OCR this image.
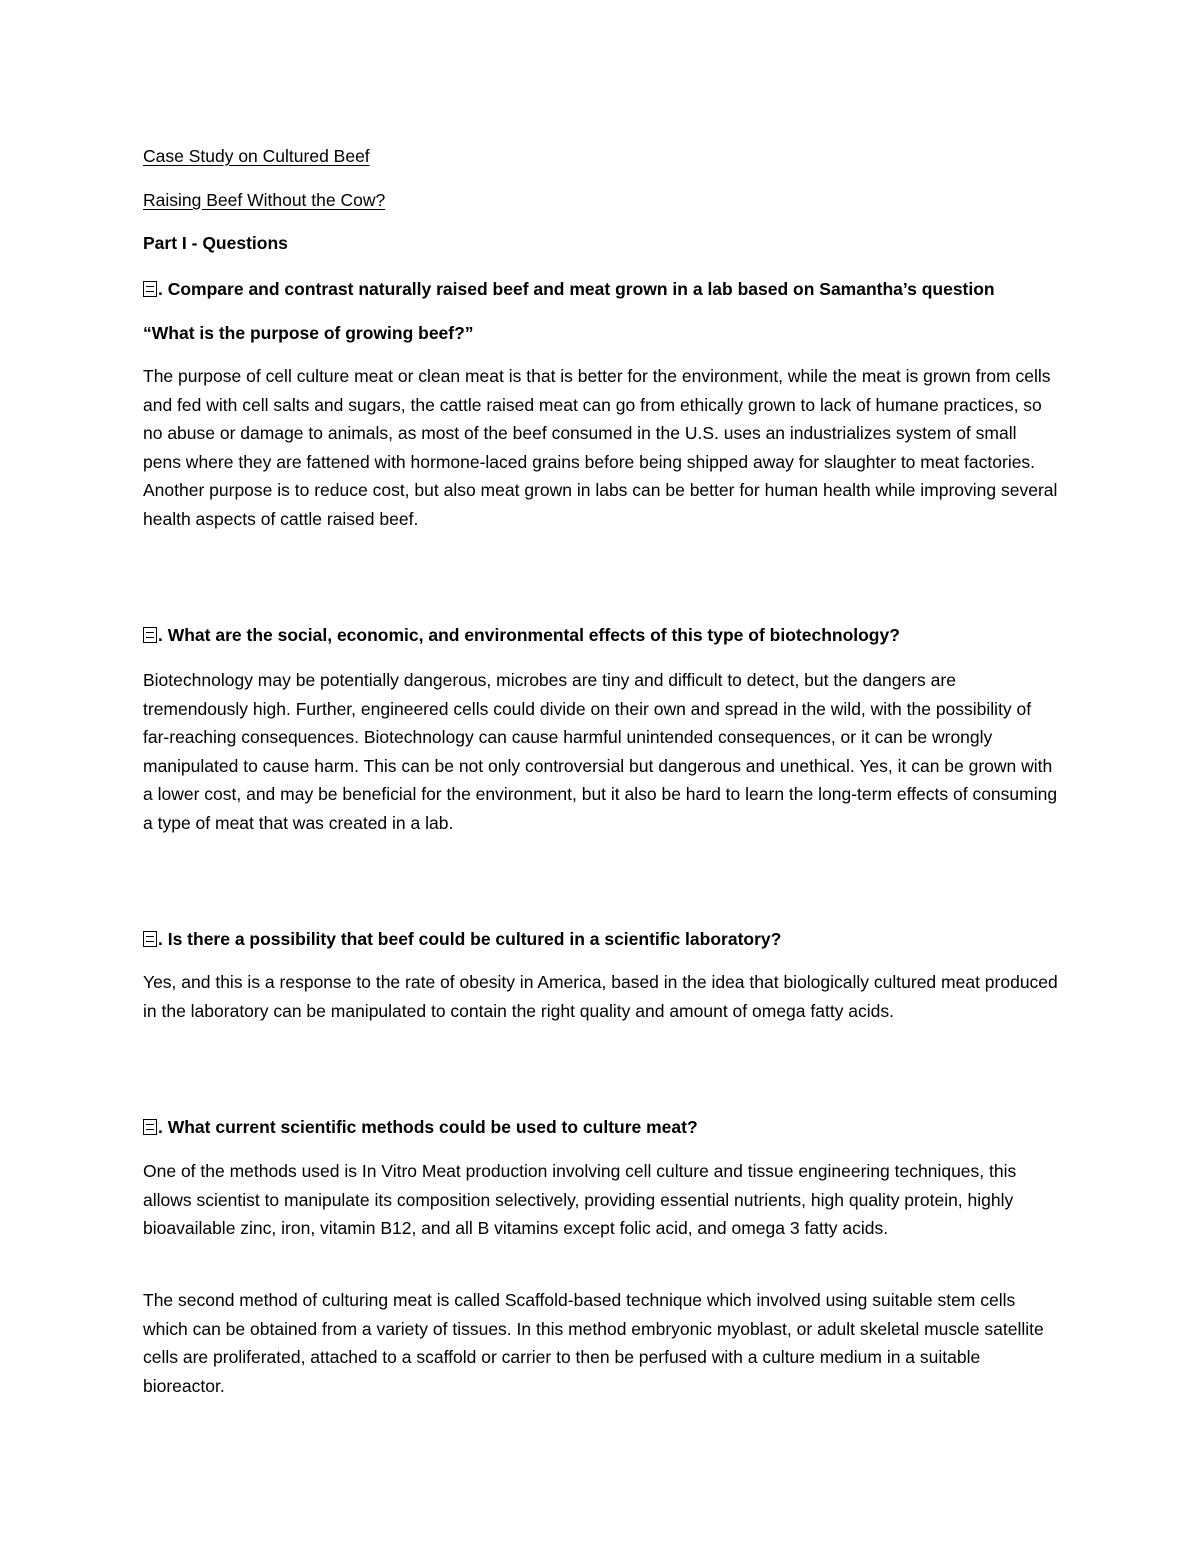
Case Study on Cultured Beef
Raising Beef Without the Cow?
Part I - Questions
. Compare and contrast naturally raised beef and meat grown in a lab based on Samantha’s question
“What is the purpose of growing beef?”

The purpose of cell culture meat or clean meat is that is better for the environment, while the meat is grown from cells and fed with cell salts and sugars, the cattle raised meat can go from ethically grown to lack of humane practices, so no abuse or damage to animals, as most of the beef consumed in the U.S. uses an industrializes system of small pens where they are fattened with hormone-laced grains before being shipped away for slaughter to meat factories. Another purpose is to reduce cost, but also meat grown in labs can be better for human health while improving several health aspects of cattle raised beef.

. What are the social, economic, and environmental effects of this type of biotechnology?

Biotechnology may be potentially dangerous, microbes are tiny and difficult to detect, but the dangers are tremendously high. Further, engineered cells could divide on their own and spread in the wild, with the possibility of far-reaching consequences. Biotechnology can cause harmful unintended consequences, or it can be wrongly manipulated to cause harm. This can be not only controversial but dangerous and unethical. Yes, it can be grown with a lower cost, and may be beneficial for the environment, but it also be hard to learn the long-term effects of consuming a type of meat that was created in a lab.

. Is there a possibility that beef could be cultured in a scientific laboratory?

Yes, and this is a response to the rate of obesity in America, based in the idea that biologically cultured meat produced in the laboratory can be manipulated to contain the right quality and amount of omega fatty acids.

. What current scientific methods could be used to culture meat?

One of the methods used is In Vitro Meat production involving cell culture and tissue engineering techniques, this allows scientist to manipulate its composition selectively, providing essential nutrients, high quality protein, highly bioavailable zinc, iron, vitamin B12, and all B vitamins except folic acid, and omega 3 fatty acids.

The second method of culturing meat is called Scaffold-based technique which involved using suitable stem cells which can be obtained from a variety of tissues. In this method embryonic myoblast, or adult skeletal muscle satellite cells are proliferated, attached to a scaffold or carrier to then be perfused with a culture medium in a suitable bioreactor.
